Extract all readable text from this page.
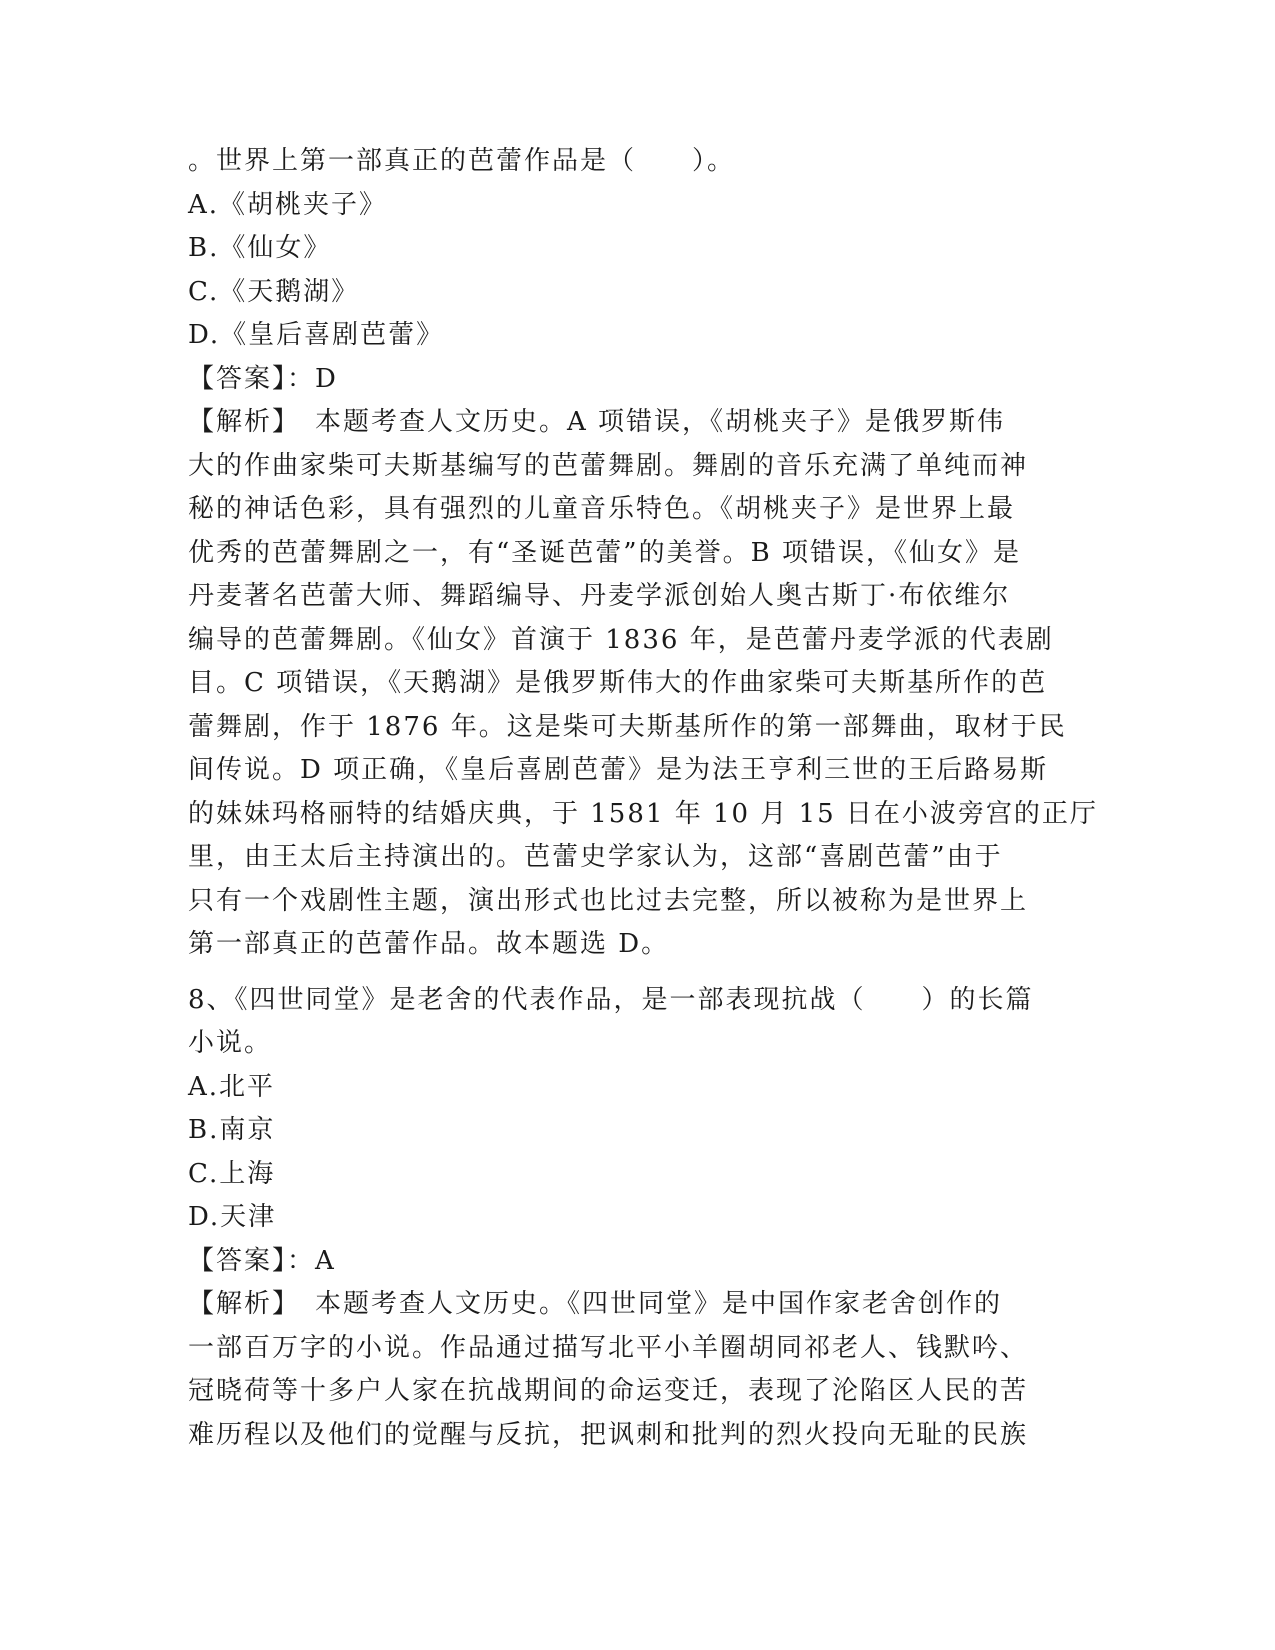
。世界上第一部真正的芭蕾作品是（　　）。
A.《胡桃夹子》
B.《仙女》
C.《天鹅湖》
D.《皇后喜剧芭蕾》
【答案】：D
【解析】　本题考查人文历史。A 项错误，《胡桃夹子》是俄罗斯伟
大的作曲家柴可夫斯基编写的芭蕾舞剧。舞剧的音乐充满了单纯而神
秘的神话色彩，具有强烈的儿童音乐特色。《胡桃夹子》是世界上最
优秀的芭蕾舞剧之一，有“圣诞芭蕾”的美誉。B 项错误，《仙女》是
丹麦著名芭蕾大师、舞蹈编导、丹麦学派创始人奥古斯丁·布依维尔
编导的芭蕾舞剧。《仙女》首演于 1836 年，是芭蕾丹麦学派的代表剧
目。C 项错误，《天鹅湖》是俄罗斯伟大的作曲家柴可夫斯基所作的芭
蕾舞剧，作于 1876 年。这是柴可夫斯基所作的第一部舞曲，取材于民
间传说。D 项正确，《皇后喜剧芭蕾》是为法王亨利三世的王后路易斯
的妹妹玛格丽特的结婚庆典，于 1581 年 10 月 15 日在小波旁宫的正厅
里，由王太后主持演出的。芭蕾史学家认为，这部“喜剧芭蕾”由于
只有一个戏剧性主题，演出形式也比过去完整，所以被称为是世界上
第一部真正的芭蕾作品。故本题选 D。
8、《四世同堂》是老舍的代表作品，是一部表现抗战（　　）的长篇
小说。
A.北平
B.南京
C.上海
D.天津
【答案】：A
【解析】　本题考查人文历史。《四世同堂》是中国作家老舍创作的
一部百万字的小说。作品通过描写北平小羊圈胡同祁老人、钱默吟、
冠晓荷等十多户人家在抗战期间的命运变迁，表现了沦陷区人民的苦
难历程以及他们的觉醒与反抗，把讽刺和批判的烈火投向无耻的民族
